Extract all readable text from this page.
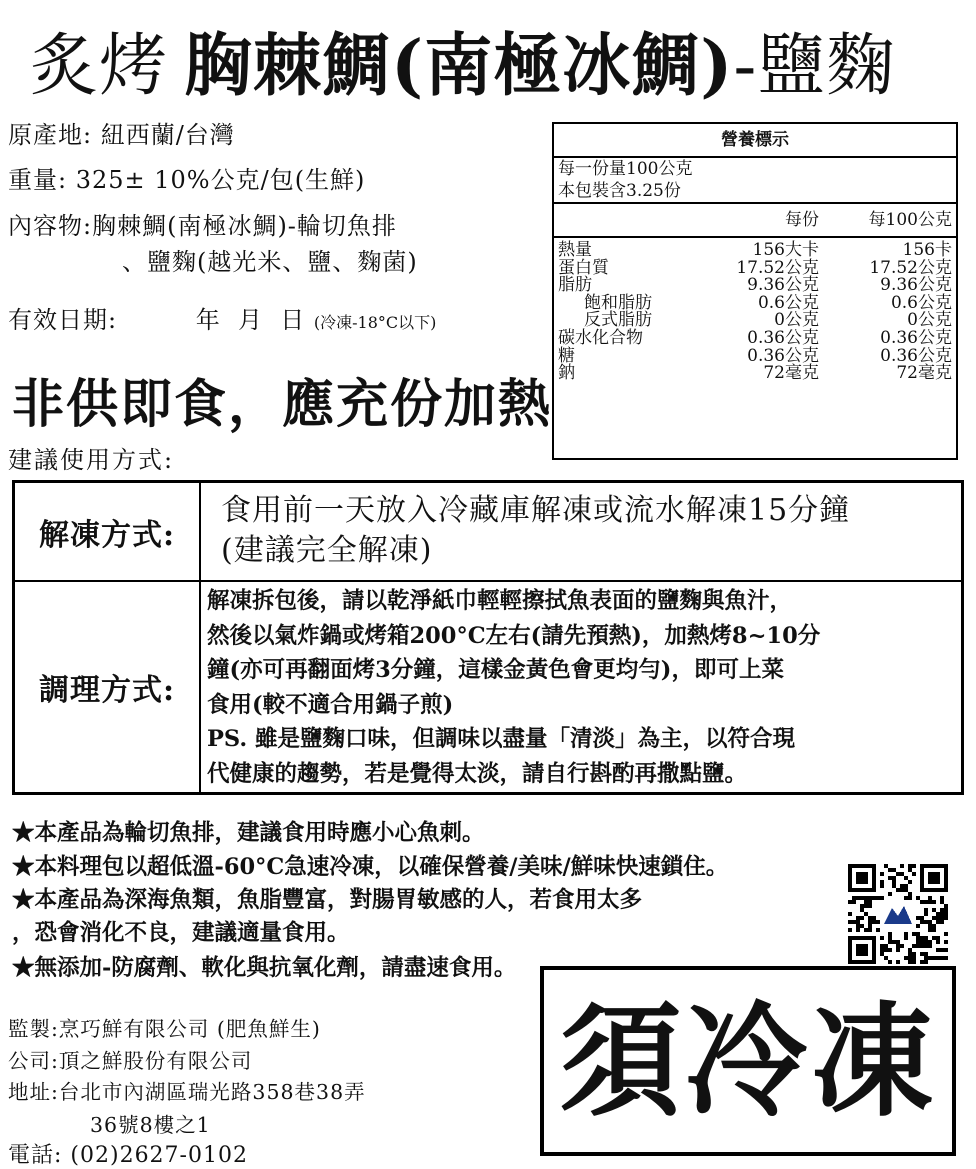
炙烤 胸棘鯛(南極冰鯛)-鹽麴
原產地: 紐西蘭/台灣
重量: 325± 10%公克/包(生鮮)
內容物:胸棘鯛(南極冰鯛)-輪切魚排
、鹽麴(越光米、鹽、麴菌)
有效日期:	年  月  日 (冷凍-18°C以下)
非供即食，應充份加熱
建議使用方式:
營養標示
每一份量100公克
本包裝含3.25份
每份	每100公克
熱量	156大卡	156卡
蛋白質	17.52公克	17.52公克
脂肪	9.36公克	9.36公克
飽和脂肪	0.6公克	0.6公克
反式脂肪	0公克	0公克
碳水化合物	0.36公克	0.36公克
糖	0.36公克	0.36公克
鈉	72毫克	72毫克
解凍方式:
食用前一天放入冷藏庫解凍或流水解凍15分鐘
(建議完全解凍)
調理方式:
解凍拆包後，請以乾淨紙巾輕輕擦拭魚表面的鹽麴與魚汁，
然後以氣炸鍋或烤箱200°C左右(請先預熱)，加熱烤8~10分
鐘(亦可再翻面烤3分鐘，這樣金黃色會更均勻)，即可上菜
食用(較不適合用鍋子煎)
PS. 雖是鹽麴口味，但調味以盡量「清淡」為主，以符合現
代健康的趨勢，若是覺得太淡，請自行斟酌再撒點鹽。
★本產品為輪切魚排，建議食用時應小心魚刺。
★本料理包以超低溫-60°C急速冷凍，以確保營養/美味/鮮味快速鎖住。
★本產品為深海魚類，魚脂豐富，對腸胃敏感的人，若食用太多
，恐會消化不良，建議適量食用。
★無添加-防腐劑、軟化與抗氧化劑，請盡速食用。
監製:烹巧鮮有限公司 (肥魚鮮生)
公司:頂之鮮股份有限公司
地址:台北市內湖區瑞光路358巷38弄
36號8樓之1
電話: (02)2627-0102
須冷凍
